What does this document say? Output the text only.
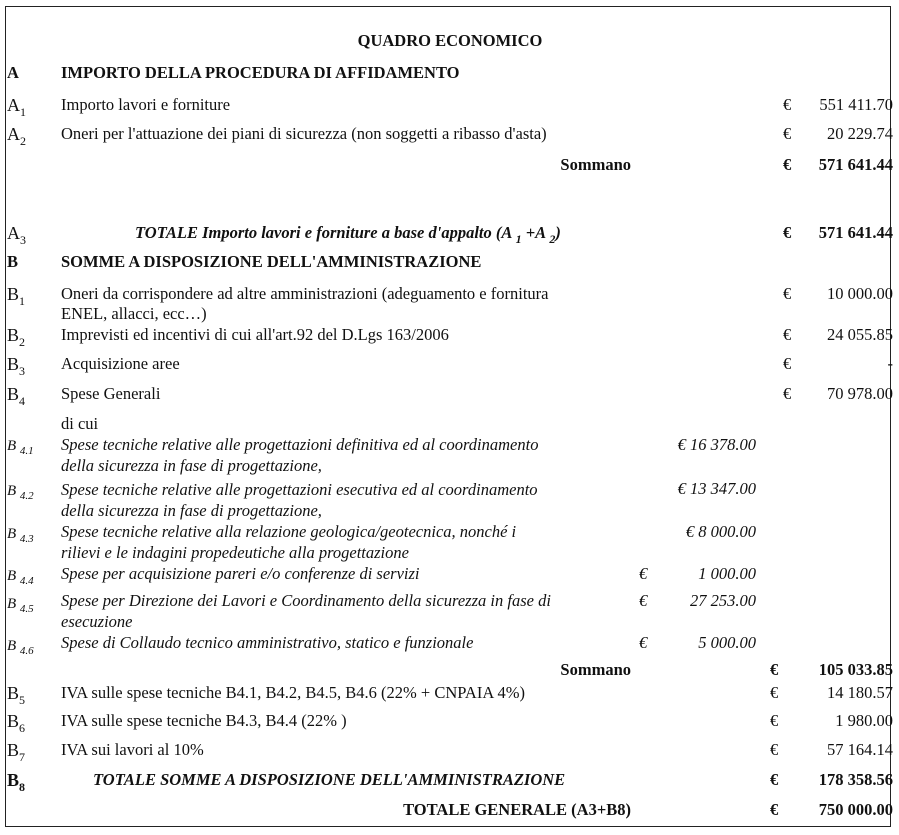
QUADRO ECONOMICO
A	IMPORTO DELLA PROCEDURA DI AFFIDAMENTO
$A_1$ Importo lavori e forniture	€	551 411.70
$A_2$ Oneri per l'attuazione dei piani di sicurezza (non soggetti a ribasso d'asta)	€	20 229.74
Sommano	€	571 641.44
$A_3$	TOTALE Importo lavori e forniture a base d'appalto (A $_1$ +A $_2$)	€	571 641.44
B	SOMME A DISPOSIZIONE DELL'AMMINISTRAZIONE
$B_1$ Oneri da corrispondere ad altre amministrazioni (adeguamento e fornitura
ENEL, allacci, ecc…)
€	10 000.00
$B_2$ Imprevisti ed incentivi di cui all'art.92 del D.Lgs 163/2006	€	24 055.85
$B_3$ Acquisizione aree	€	-
$B_4$ Spese Generali	€	70 978.00
di cui
B $_{4.1}$ Spese tecniche relative alle progettazioni definitiva ed al coordinamento
della sicurezza in fase di progettazione,
€ 16 378.00
B $_{4.2}$ Spese tecniche relative alle progettazioni esecutiva ed al coordinamento
della sicurezza in fase di progettazione,
€ 13 347.00
B $_{4.3}$ Spese tecniche relative alla relazione geologica/geotecnica, nonché i
rilievi e le indagini propedeutiche alla progettazione
€ 8 000.00
B $_{4.4}$ Spese per acquisizione pareri e/o conferenze di servizi	€	1 000.00
B $_{4.5}$ Spese per Direzione dei Lavori e Coordinamento della sicurezza in fase di
esecuzione
€	27 253.00
B $_{4.6}$ Spese di Collaudo tecnico amministrativo, statico e funzionale	€	5 000.00
Sommano	€	105 033.85
$B_5$ IVA sulle spese tecniche B4.1, B4.2, B4.5, B4.6 (22% + CNPAIA 4%)	€	14 180.57
$B_6$ IVA sulle spese tecniche B4.3, B4.4 (22% )	€	1 980.00
$B_7$ IVA sui lavori al 10%	€	57 164.14
$B_8$	TOTALE SOMME A DISPOSIZIONE DELL'AMMINISTRAZIONE	€	178 358.56
TOTALE GENERALE (A3+B8)	€	750 000.00
